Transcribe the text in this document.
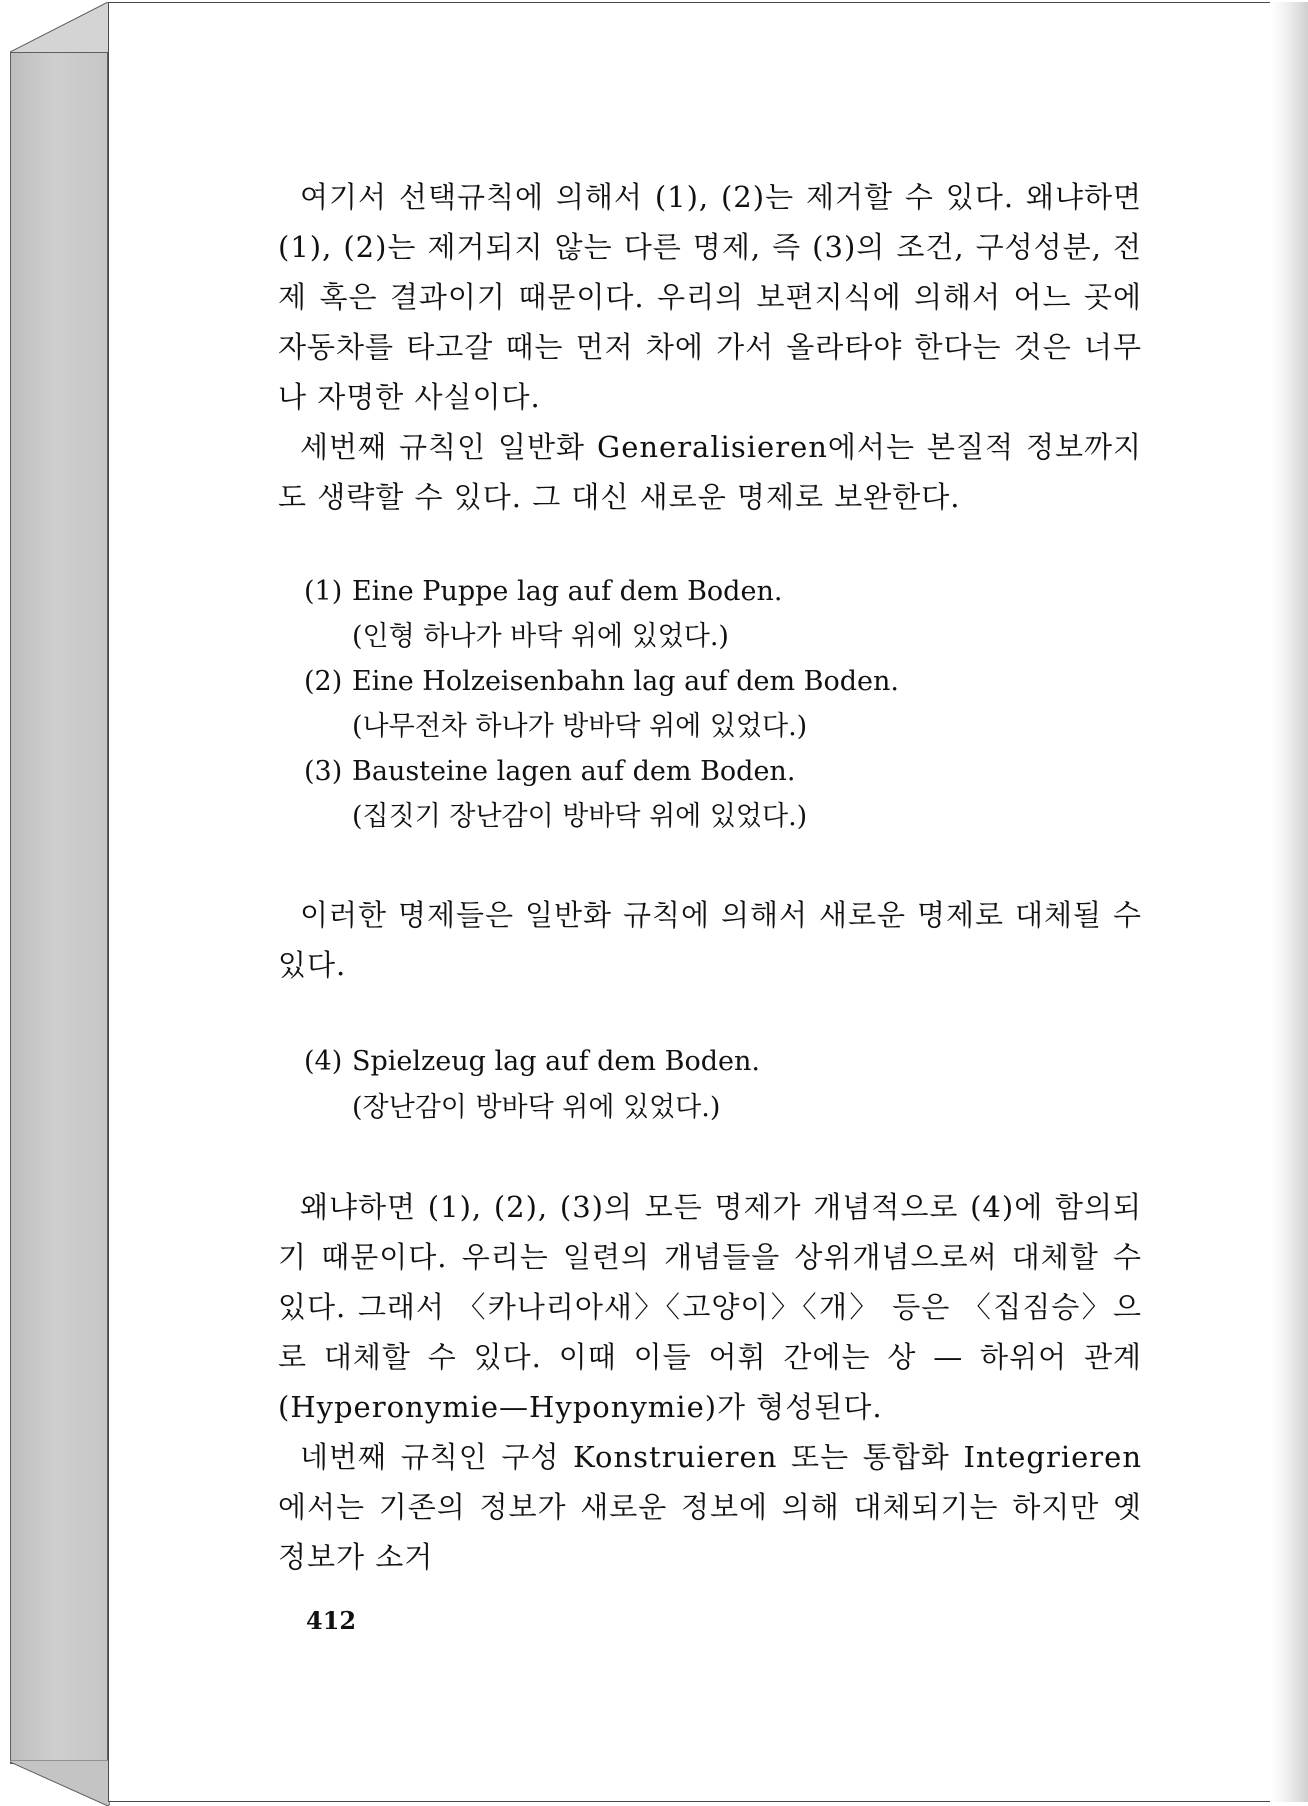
여기서 선택규칙에 의해서 (1), (2)는 제거할 수 있다. 왜냐하면 (1), (2)는 제거되지 않는 다른 명제, 즉 (3)의 조건, 구성성분, 전제 혹은 결과이기 때문이다. 우리의 보편지식에 의해서 어느 곳에 자동차를 타고갈 때는 먼저 차에 가서 올라타야 한다는 것은 너무나 자명한 사실이다.

세번째 규칙인 일반화 Generalisieren에서는 본질적 정보까지도 생략할 수 있다. 그 대신 새로운 명제로 보완한다.

(1) Eine Puppe lag auf dem Boden.
(인형 하나가 바닥 위에 있었다.)
(2) Eine Holzeisenbahn lag auf dem Boden.
(나무전차 하나가 방바닥 위에 있었다.)
(3) Bausteine lagen auf dem Boden.
(집짓기 장난감이 방바닥 위에 있었다.)

이러한 명제들은 일반화 규칙에 의해서 새로운 명제로 대체될 수 있다.

(4) Spielzeug lag auf dem Boden.
(장난감이 방바닥 위에 있었다.)

왜냐하면 (1), (2), (3)의 모든 명제가 개념적으로 (4)에 함의되기 때문이다. 우리는 일련의 개념들을 상위개념으로써 대체할 수 있다. 그래서 〈카나리아새〉〈고양이〉〈개〉 등은 〈집짐승〉으로 대체할 수 있다. 이때 이들 어휘 간에는 상 — 하위어 관계 (Hyperonymie—Hyponymie)가 형성된다.

네번째 규칙인 구성 Konstruieren 또는 통합화 Integrieren 에서는 기존의 정보가 새로운 정보에 의해 대체되기는 하지만 옛 정보가 소거

412
